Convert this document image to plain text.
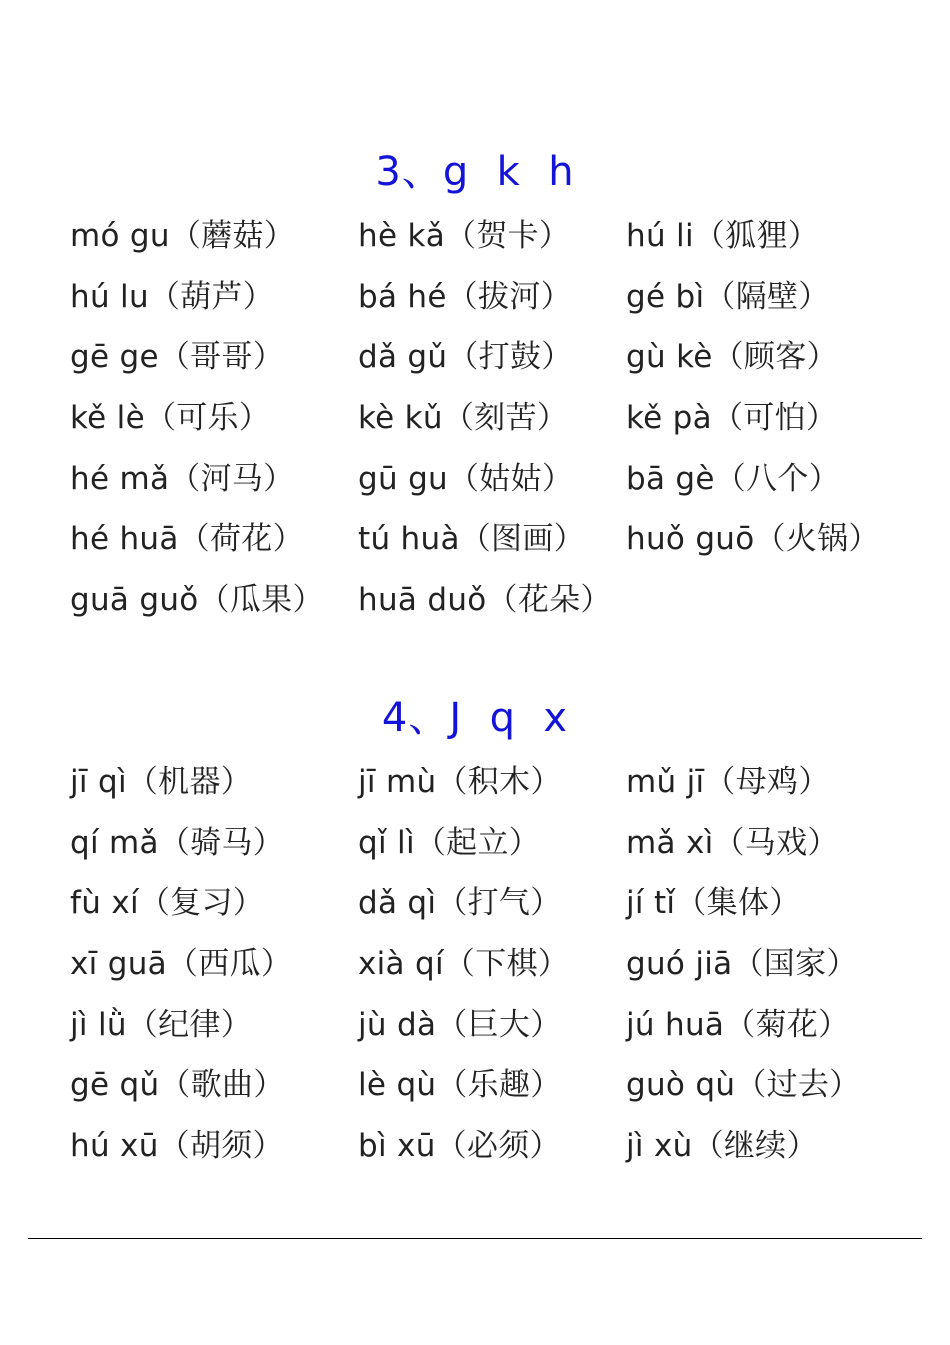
3、g  k  h
mó gu（蘑菇） hè kǎ（贺卡） hú li（狐狸）
hú lu（葫芦）	bá hé（拔河） gé bì（隔壁）
gē ge（哥哥） dǎ gǔ（打鼓） gù kè（顾客）
kě lè（可乐）	kè kǔ（刻苦） kě pà（可怕）
hé mǎ（河马） gū gu（姑姑） bā gè（八个）
hé huā（荷花） tú huà（图画） huǒ guō（火锅）
guā guǒ（瓜果） huā duǒ（花朵）
4、J  q  x
jī qì（机器）	jī mù（积木） mǔ jī（母鸡）
qí mǎ（骑马） qǐ lì（起立）	mǎ xì（马戏）
fù xí（复习）	dǎ qì（打气） jí tǐ（集体）
xī guā（西瓜） xià qí（下棋） guó jiā（国家）
jì lǜ（纪律）	jù dà（巨大） jú huā（菊花）
gē qǔ（歌曲） lè qù（乐趣） guò qù（过去）
hú xū（胡须） bì xū（必须） jì xù（继续）
